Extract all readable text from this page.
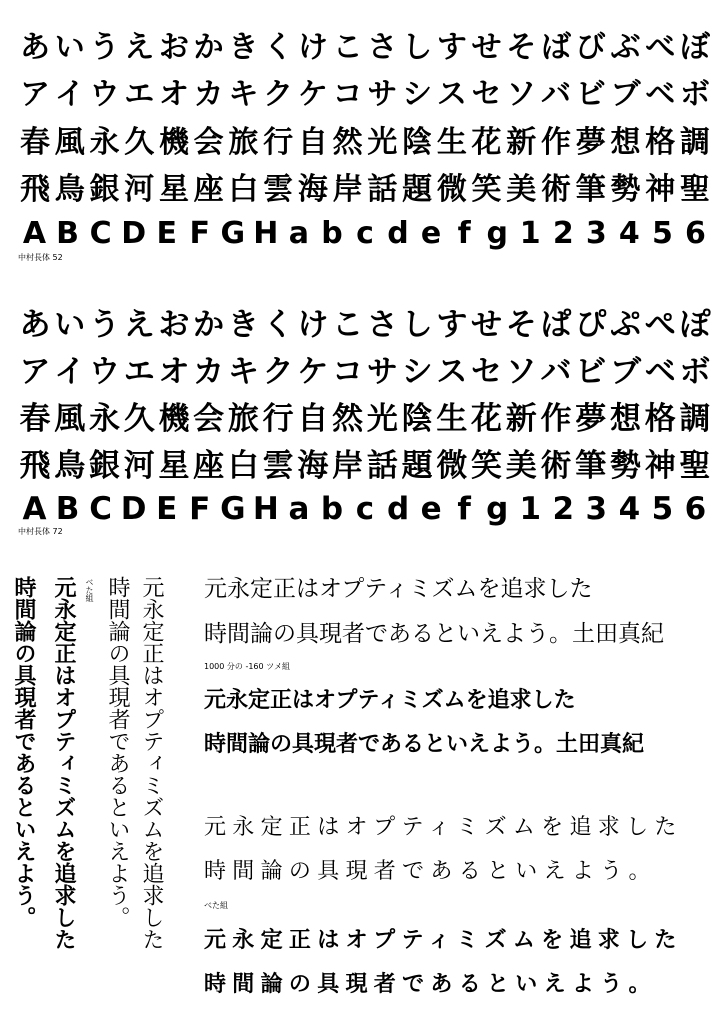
あ い う え お か き く け こ さ し す せ そ ば び ぶ べ ぼ
ア イ ウ エ オ カ キ ク ケ コ サ シ ス セ ソ バ ビ ブ ベ ボ
春 風 永 久 機 会 旅 行 自 然 光 陰 生 花 新 作 夢 想 格 調
飛 鳥 銀 河 星 座 白 雲 海 岸 話 題 微 笑 美 術 筆 勢 神 聖
A B C D E F G H a b c d e f g 1 2 3 4 5 6
中村長体 52
あ い う え お か き く け こ さ し す せ そ ぱ ぴ ぷ ぺ ぽ
ア イ ウ エ オ カ キ ク ケ コ サ シ ス セ ソ バ ビ ブ ベ ボ
春 風 永 久 機 会 旅 行 自 然 光 陰 生 花 新 作 夢 想 格 調
飛 鳥 銀 河 星 座 白 雲 海 岸 話 題 微 笑 美 術 筆 勢 神 聖
A B C D E F G H a b c d e f g 1 2 3 4 5 6
中村長体 72
元永定正はオプティミズムを追求した
時間論の具現者であるといえよう。
べた組
元永定正はオプティミズムを追求した
時間論の具現者であるといえよう。	元永定正はオプティミズムを追求した
時間論の具現者であるといえよう。土田真紀
1000 分の -160 ツメ組
元永定正はオプティミズムを追求した
時間論の具現者であるといえよう。土田真紀
元永定正はオプティミズムを追求した
時間論の具現者であるといえよう。
べた組
元永定正はオプティミズムを追求した
時間論の具現者であるといえよう。
